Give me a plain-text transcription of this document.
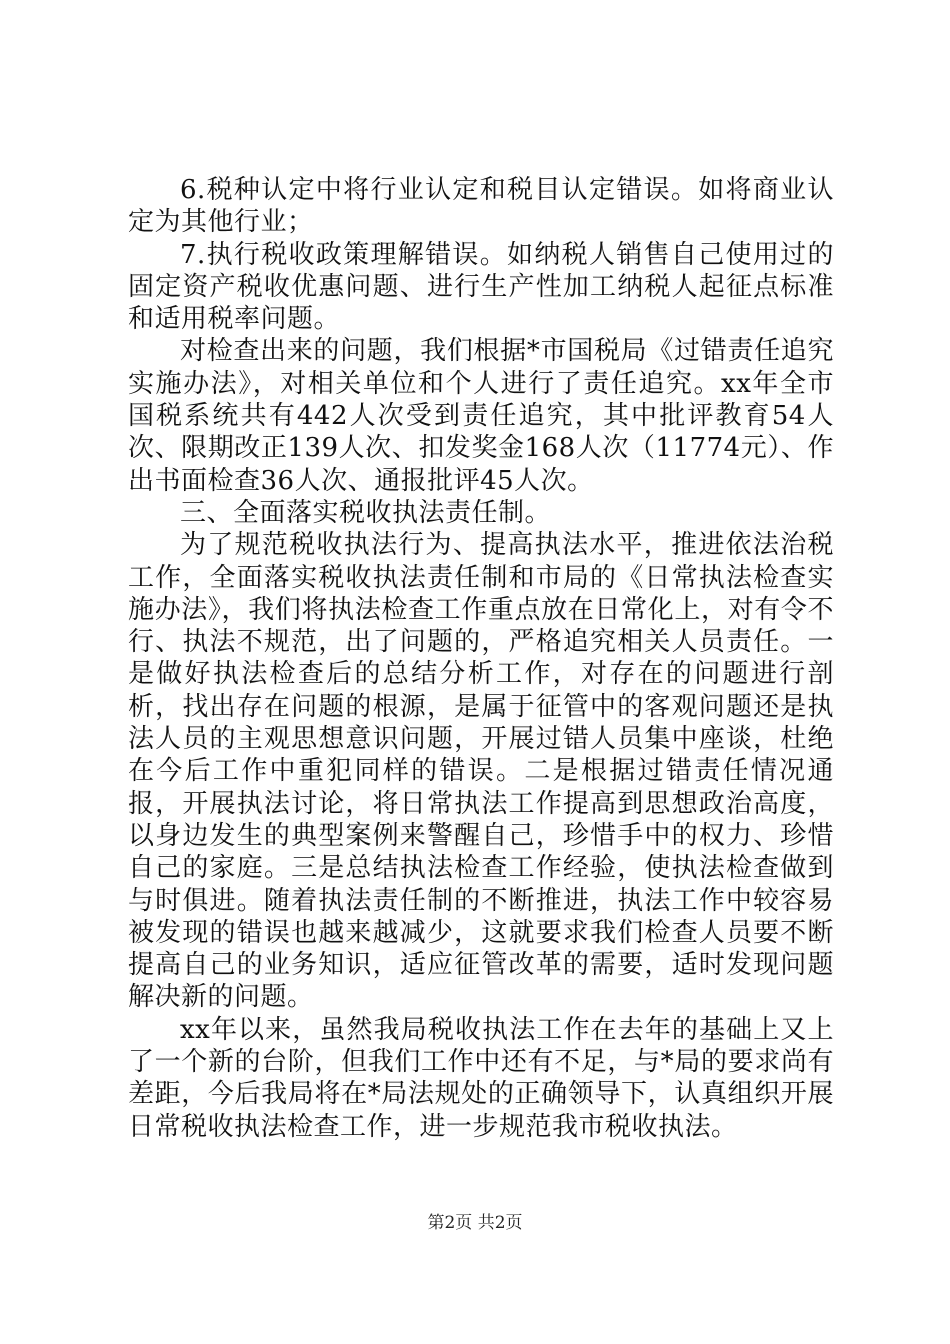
6.税种认定中将行业认定和税目认定错误。如将商业认定为其他行业；

7.执行税收政策理解错误。如纳税人销售自己使用过的固定资产税收优惠问题、进行生产性加工纳税人起征点标准和适用税率问题。

对检查出来的问题，我们根据*市国税局《过错责任追究实施办法》，对相关单位和个人进行了责任追究。xx年全市国税系统共有442人次受到责任追究，其中批评教育54人次、限期改正139人次、扣发奖金168人次（11774元）、作出书面检查36人次、通报批评45人次。

三、全面落实税收执法责任制。

为了规范税收执法行为、提高执法水平，推进依法治税工作，全面落实税收执法责任制和市局的《日常执法检查实施办法》，我们将执法检查工作重点放在日常化上，对有令不行、执法不规范，出了问题的，严格追究相关人员责任。一是做好执法检查后的总结分析工作，对存在的问题进行剖析，找出存在问题的根源，是属于征管中的客观问题还是执法人员的主观思想意识问题，开展过错人员集中座谈，杜绝在今后工作中重犯同样的错误。二是根据过错责任情况通报，开展执法讨论，将日常执法工作提高到思想政治高度，以身边发生的典型案例来警醒自己，珍惜手中的权力、珍惜自己的家庭。三是总结执法检查工作经验，使执法检查做到与时俱进。随着执法责任制的不断推进，执法工作中较容易被发现的错误也越来越减少，这就要求我们检查人员要不断提高自己的业务知识，适应征管改革的需要，适时发现问题解决新的问题。

xx年以来，虽然我局税收执法工作在去年的基础上又上了一个新的台阶，但我们工作中还有不足，与*局的要求尚有差距，今后我局将在*局法规处的正确领导下，认真组织开展日常税收执法检查工作，进一步规范我市税收执法。

第2页 共2页
